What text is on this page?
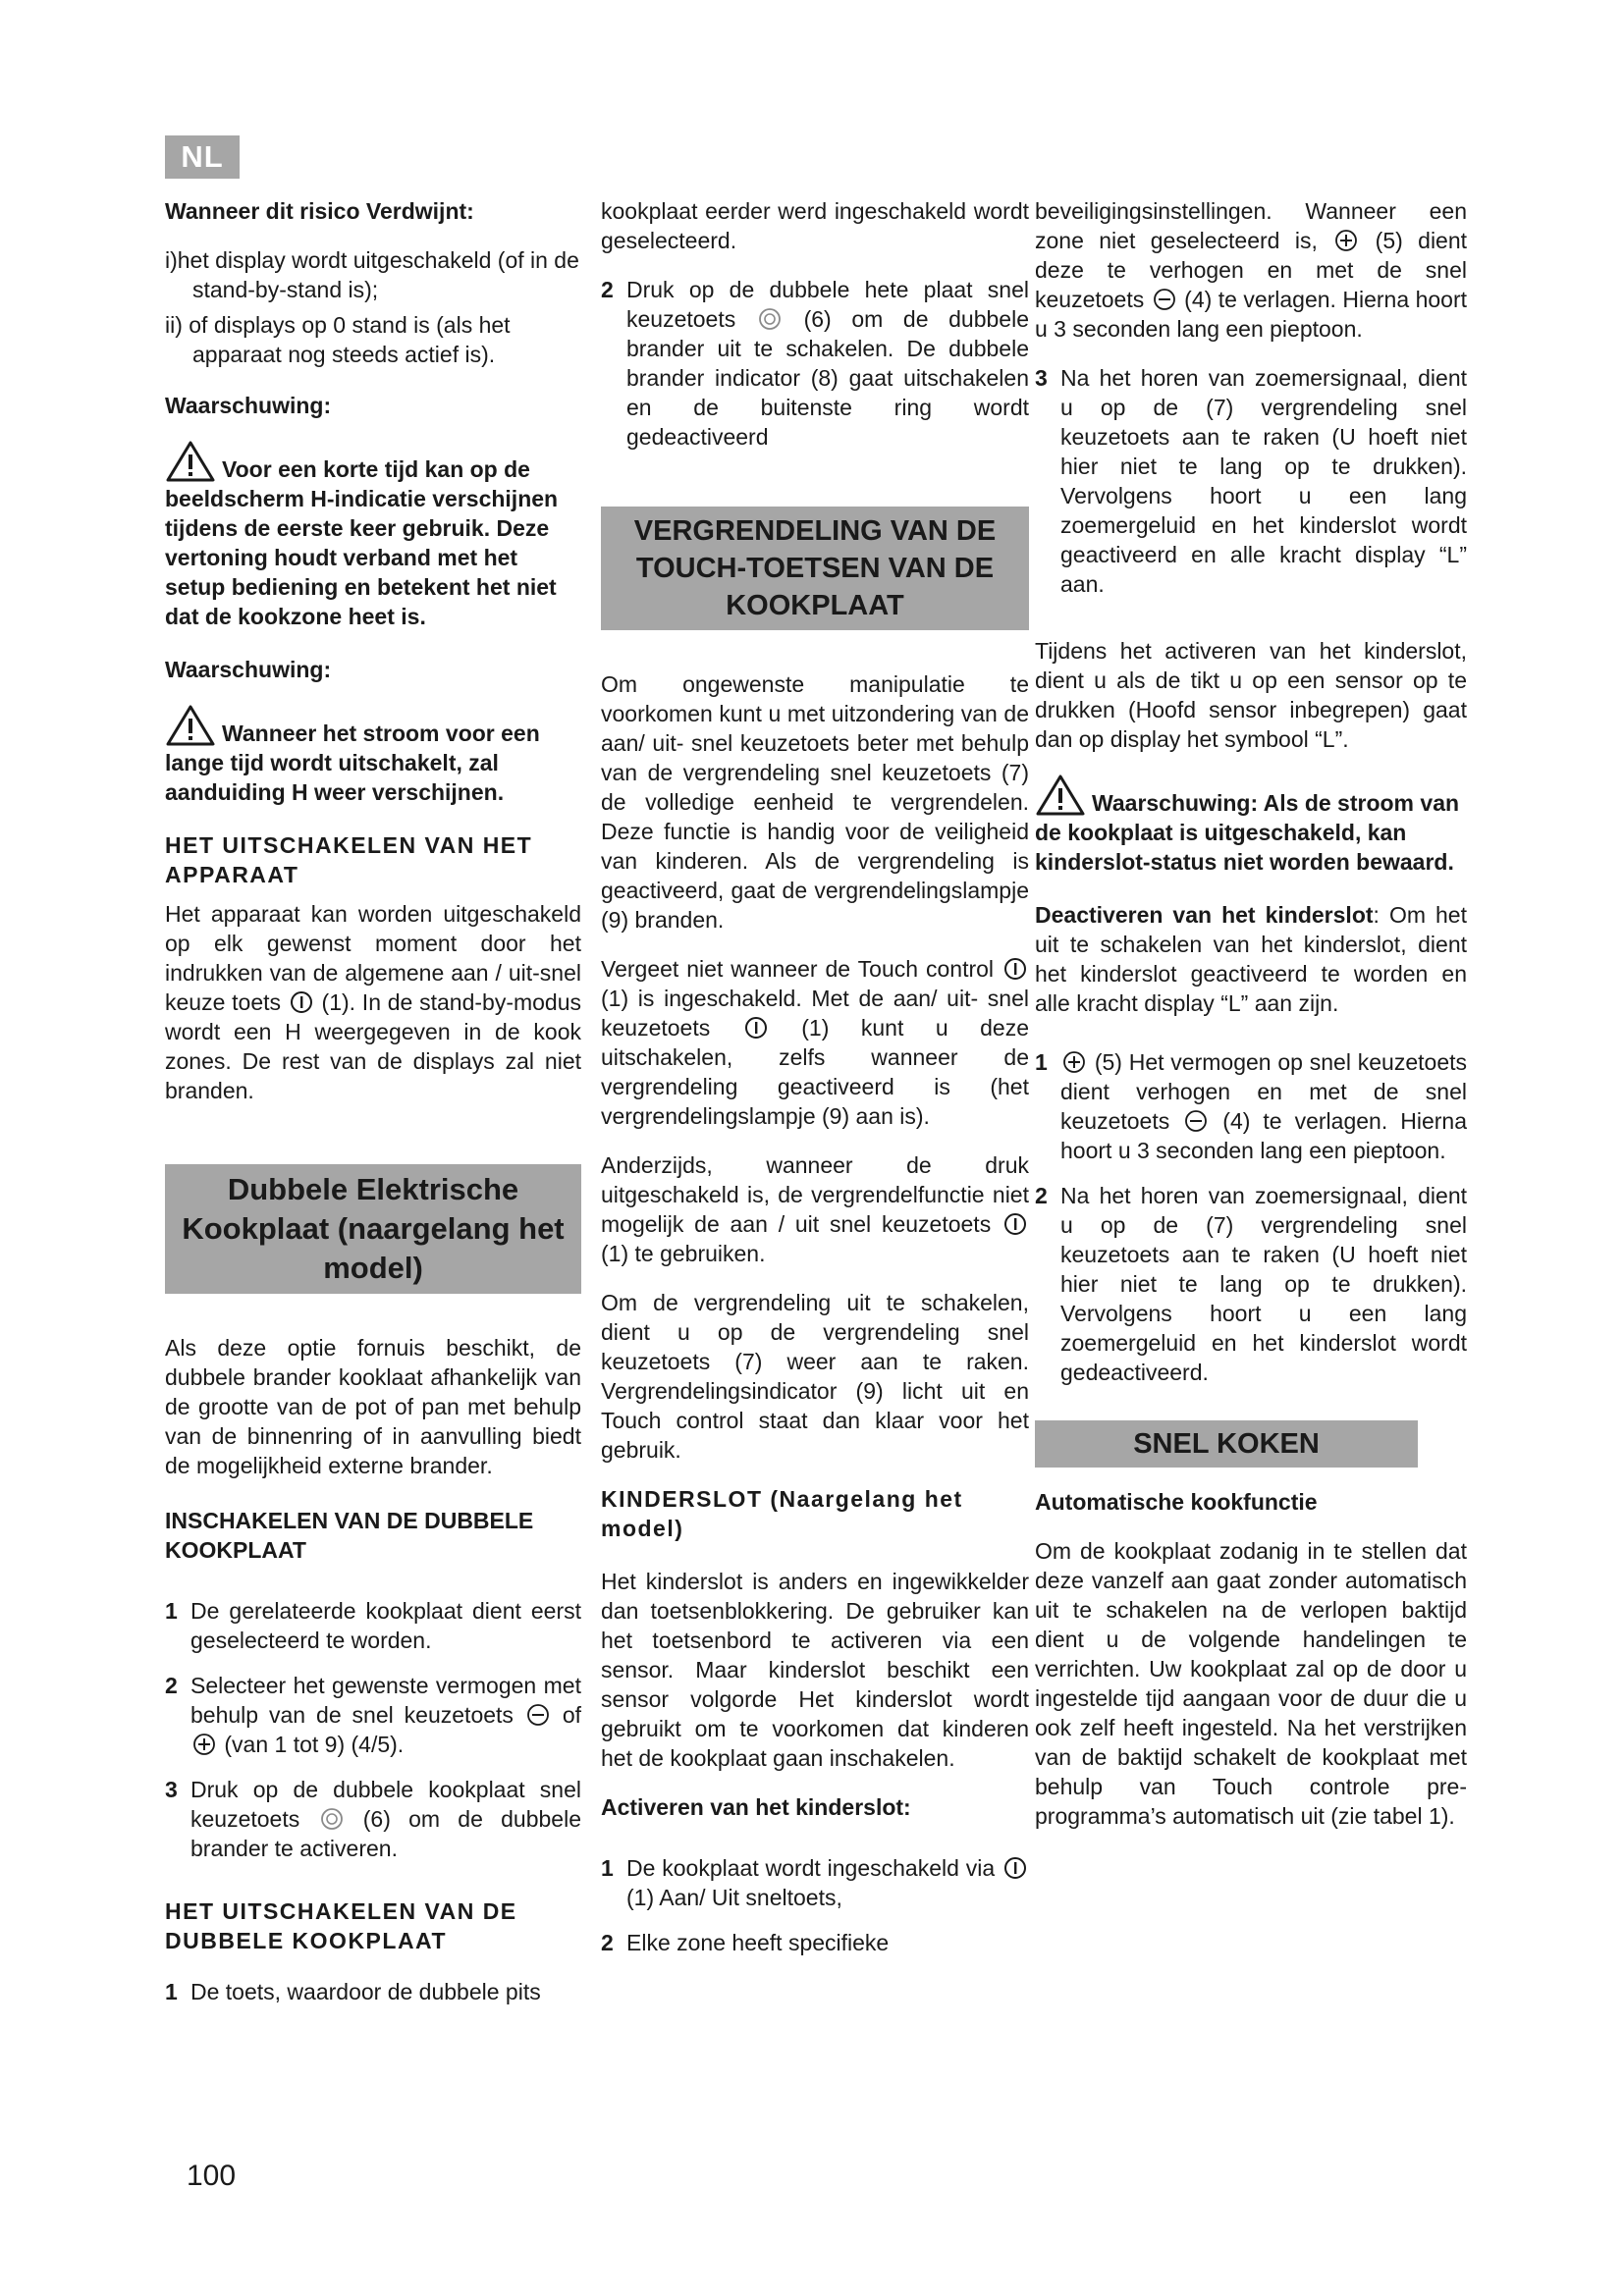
NL
Wanneer dit risico Verdwijnt:
i)het display wordt uitgeschakeld (of in de stand-by-stand is);
ii) of displays op 0 stand is (als het apparaat nog steeds actief is).
Waarschuwing:
Voor een korte tijd kan op de beeldscherm H-indicatie verschijnen tijdens de eerste keer gebruik. Deze vertoning houdt verband met het setup bediening en betekent het niet dat de kookzone heet is.
Waarschuwing:
Wanneer het stroom voor een lange tijd wordt uitschakelt, zal aanduiding H weer verschijnen.
HET UITSCHAKELEN VAN HET APPARAAT

Het apparaat kan worden uitgeschakeld op elk gewenst moment door het indrukken van de algemene aan / uit-snel keuze toets (1). In de stand-by-modus wordt een H weergegeven in de kook zones. De rest van de displays zal niet branden.

Dubbele Elektrische Kookplaat (naargelang het model)

Als deze optie fornuis beschikt, de dubbele brander kooklaat afhankelijk van de grootte van de pot of pan met behulp van de binnenring of in aanvulling biedt de mogelijkheid externe brander.

INSCHAKELEN VAN DE DUBBELE KOOKPLAAT
1 De gerelateerde kookplaat dient eerst geselecteerd te worden.
2 Selecteer het gewenste vermogen met behulp van de snel keuzetoets of  (van 1 tot 9) (4/5).
3 Druk op de dubbele kookplaat snel keuzetoets	(6) om de dubbele brander te activeren.
HET UITSCHAKELEN VAN DE DUBBELE KOOKPLAAT
1 De toets, waardoor de dubbele pits

kookplaat eerder werd ingeschakeld wordt geselecteerd.

2 Druk op de dubbele hete plaat snel keuzetoets	(6) om de dubbele brander uit te schakelen. De dubbele brander indicator (8) gaat uitschakelen en de buitenste ring wordt gedeactiveerd
VERGRENDELING VAN DE TOUCH-TOETSEN VAN DE KOOKPLAAT

Om ongewenste manipulatie te voorkomen kunt u met uitzondering van de aan/ uit- snel keuzetoets beter met behulp van de vergrendeling snel keuzetoets (7) de volledige eenheid te vergrendelen. Deze functie is handig voor de veiligheid van kinderen. Als de vergrendeling is geactiveerd, gaat de vergrendelingslampje (9) branden.

Vergeet niet wanneer de Touch control  (1) is ingeschakeld. Met de aan/ uit- snel keuzetoets	(1) kunt u deze uitschakelen, zelfs wanneer de vergrendeling geactiveerd is (het vergrendelingslampje (9) aan is).

Anderzijds, wanneer de druk uitgeschakeld is, de vergrendelfunctie niet mogelijk de aan / uit snel keuzetoets  (1) te gebruiken.

Om de vergrendeling uit te schakelen, dient u op de vergrendeling snel keuzetoets (7) weer aan te raken. Vergrendelingsindicator (9) licht uit en Touch control staat dan klaar voor het gebruik.

KINDERSLOT (Naargelang het model)

Het kinderslot is anders en ingewikkelder dan toetsenblokkering. De gebruiker kan het toetsenbord te activeren via een sensor. Maar kinderslot beschikt een sensor volgorde Het kinderslot wordt gebruikt om te voorkomen dat kinderen het de kookplaat gaan inschakelen.

Activeren van het kinderslot:
1 De kookplaat wordt ingeschakeld via  (1) Aan/ Uit sneltoets,
2 Elke zone heeft specifieke

beveiligingsinstellingen. Wanneer een zone niet geselecteerd is,	(5) dient deze te verhogen en met de snel keuzetoets (4) te verlagen. Hierna hoort u 3 seconden lang een pieptoon.

3 Na het horen van zoemersignaal, dient u op de (7) vergrendeling snel keuzetoets aan te raken (U hoeft niet hier niet te lang op te drukken). Vervolgens hoort u een lang zoemergeluid en het kinderslot wordt geactiveerd en alle kracht display “L” aan.

Tijdens het activeren van het kinderslot, dient u als de tikt u op een sensor op te drukken (Hoofd sensor inbegrepen) gaat dan op display het symbool “L”.

Waarschuwing: Als de stroom van de kookplaat is uitgeschakeld, kan kinderslot-status niet worden bewaard.

Deactiveren van het kinderslot: Om het uit te schakelen van het kinderslot, dient het kinderslot geactiveerd te worden en alle kracht display “L” aan zijn.

1	(5) Het vermogen op snel keuzetoets dient verhogen en met de snel keuzetoets (4) te verlagen. Hierna hoort u 3 seconden lang een pieptoon.
2 Na het horen van zoemersignaal, dient u op de (7) vergrendeling snel keuzetoets aan te raken (U hoeft niet hier niet te lang op te drukken). Vervolgens hoort u een lang zoemergeluid en het kinderslot wordt gedeactiveerd.
SNEL KOKEN
Automatische kookfunctie

Om de kookplaat zodanig in te stellen dat deze vanzelf aan gaat zonder automatisch uit te schakelen na de verlopen baktijd dient u de volgende handelingen te verrichten. Uw kookplaat zal op de door u ingestelde tijd aangaan voor de duur die u ook zelf heeft ingesteld. Na het verstrijken van de baktijd schakelt de kookplaat met behulp van Touch controle pre-programma’s automatisch uit (zie tabel 1).

100
